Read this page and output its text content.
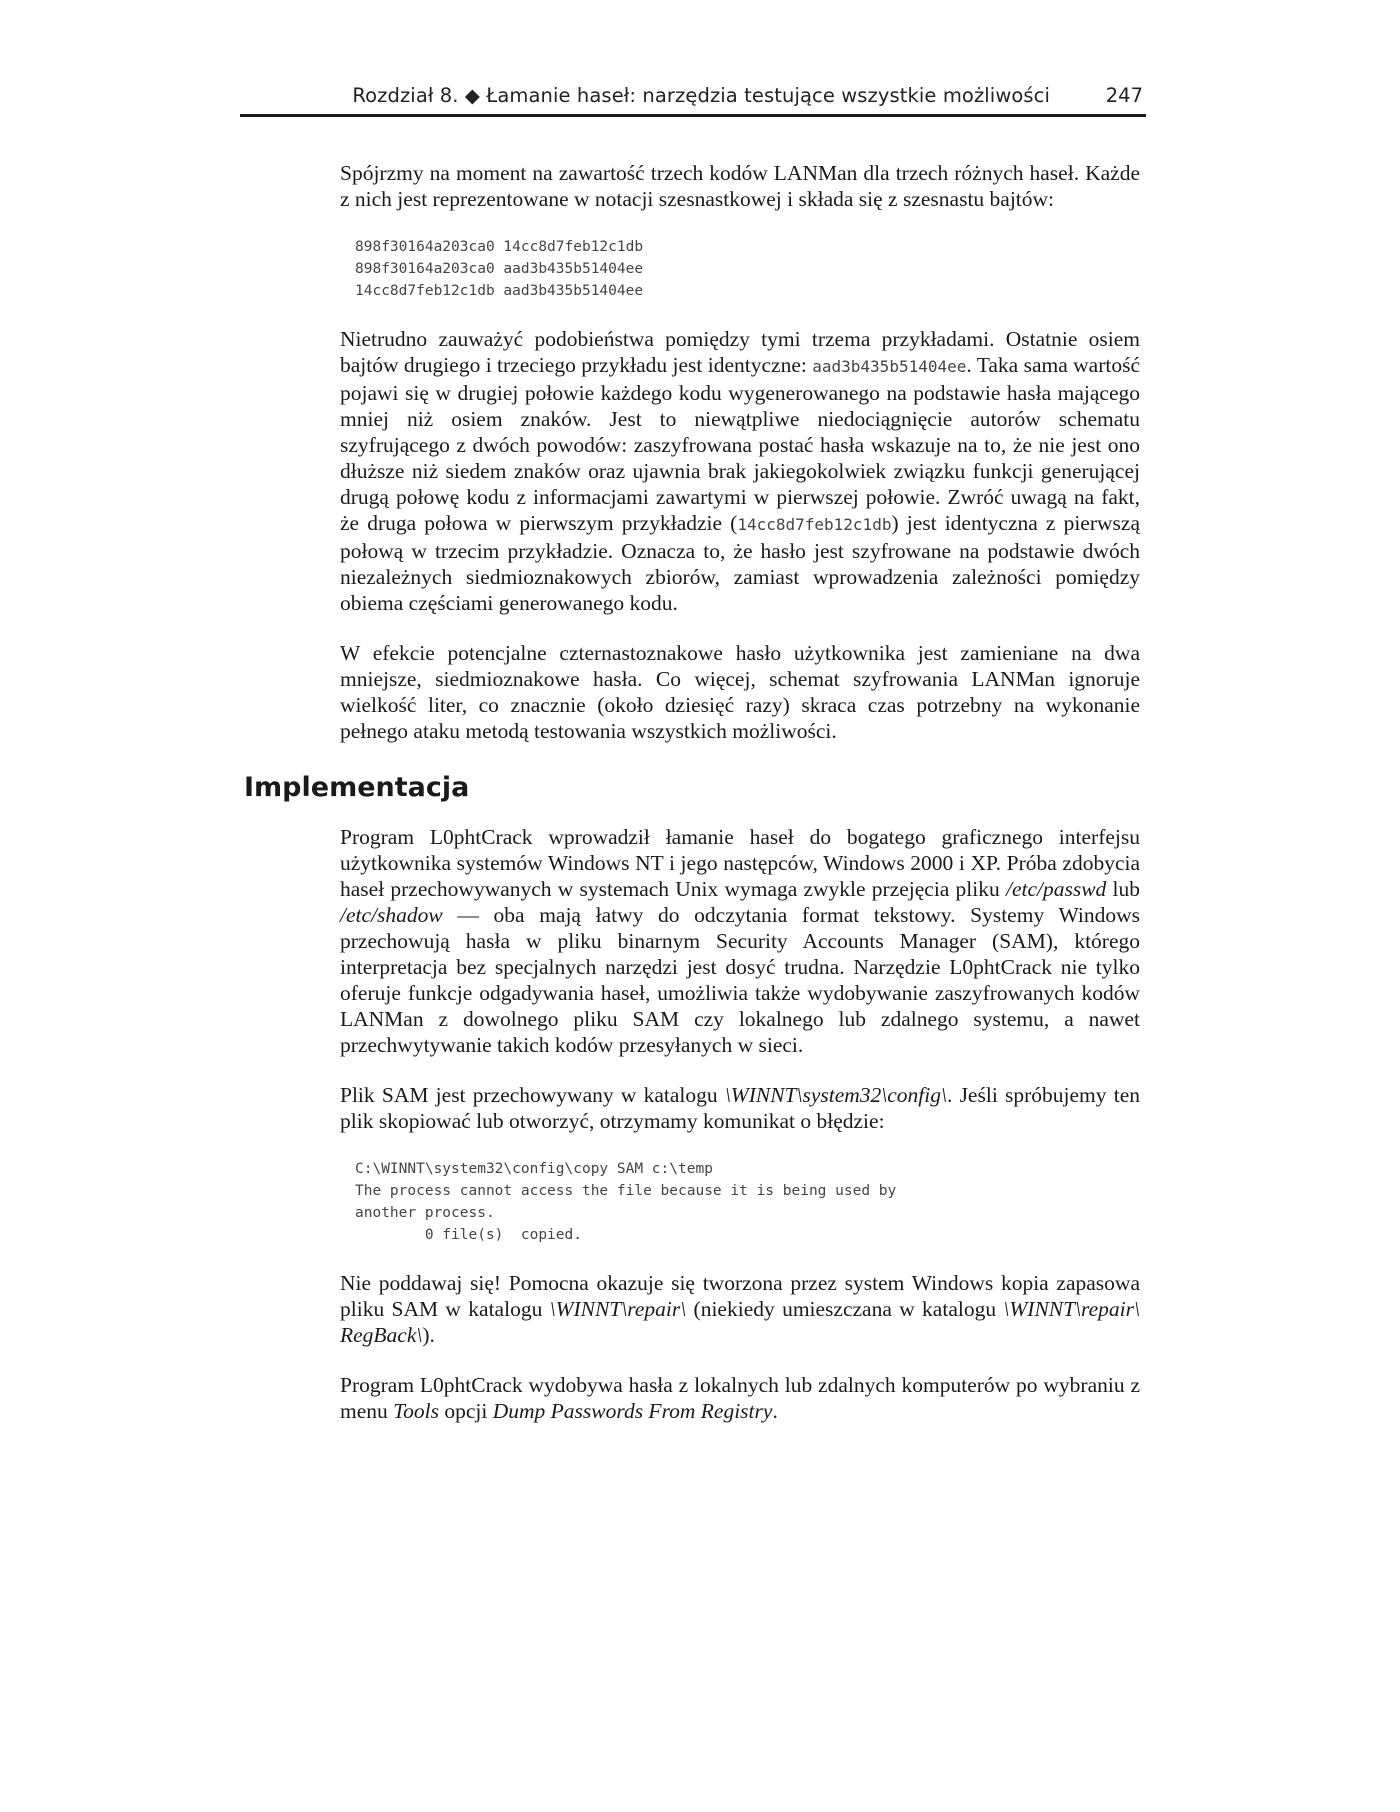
Rozdział 8. ◆ Łamanie haseł: narzędzia testujące wszystkie możliwości	247

Spójrzmy na moment na zawartość trzech kodów LANMan dla trzech różnych haseł. Każde z nich jest reprezentowane w notacji szesnastkowej i składa się z szesnastu bajtów:

898f30164a203ca0 14cc8d7feb12c1db
898f30164a203ca0 aad3b435b51404ee
14cc8d7feb12c1db aad3b435b51404ee

Nietrudno zauważyć podobieństwa pomiędzy tymi trzema przykładami. Ostatnie osiem bajtów drugiego i trzeciego przykładu jest identyczne: aad3b435b51404ee. Taka sama wartość pojawi się w drugiej połowie każdego kodu wygenerowanego na podstawie hasła mającego mniej niż osiem znaków. Jest to niewątpliwe niedociągnięcie autorów schematu szyfrującego z dwóch powodów: zaszyfrowana postać hasła wskazuje na to, że nie jest ono dłuższe niż siedem znaków oraz ujawnia brak jakiegokolwiek związku funkcji generującej drugą połowę kodu z informacjami zawartymi w pierwszej połowie. Zwróć uwagą na fakt, że druga połowa w pierwszym przykładzie (14cc8d7feb12c1db) jest identyczna z pierwszą połową w trzecim przykładzie. Oznacza to, że hasło jest szyfrowane na podstawie dwóch niezależnych siedmioznakowych zbiorów, zamiast wprowadzenia zależności pomiędzy obiema częściami generowanego kodu.

W efekcie potencjalne czternastoznakowe hasło użytkownika jest zamieniane na dwa mniejsze, siedmioznakowe hasła. Co więcej, schemat szyfrowania LANMan ignoruje wielkość liter, co znacznie (około dziesięć razy) skraca czas potrzebny na wykonanie pełnego ataku metodą testowania wszystkich możliwości.

Implementacja

Program L0phtCrack wprowadził łamanie haseł do bogatego graficznego interfejsu użytkownika systemów Windows NT i jego następców, Windows 2000 i XP. Próba zdobycia haseł przechowywanych w systemach Unix wymaga zwykle przejęcia pliku /etc/passwd lub /etc/shadow — oba mają łatwy do odczytania format tekstowy. Systemy Windows przechowują hasła w pliku binarnym Security Accounts Manager (SAM), którego interpretacja bez specjalnych narzędzi jest dosyć trudna. Narzędzie L0phtCrack nie tylko oferuje funkcje odgadywania haseł, umożliwia także wydobywanie zaszyfrowanych kodów LANMan z dowolnego pliku SAM czy lokalnego lub zdalnego systemu, a nawet przechwytywanie takich kodów przesyłanych w sieci.

Plik SAM jest przechowywany w katalogu \WINNT\system32\config\. Jeśli spróbujemy ten plik skopiować lub otworzyć, otrzymamy komunikat o błędzie:

C:\WINNT\system32\config\copy SAM c:\temp
The process cannot access the file because it is being used by
another process.
0 file(s)  copied.

Nie poddawaj się! Pomocna okazuje się tworzona przez system Windows kopia zapasowa pliku SAM w katalogu \WINNT\repair\ (niekiedy umieszczana w katalogu \WINNT\repair\ RegBack\).

Program L0phtCrack wydobywa hasła z lokalnych lub zdalnych komputerów po wybraniu z menu Tools opcji Dump Passwords From Registry.
